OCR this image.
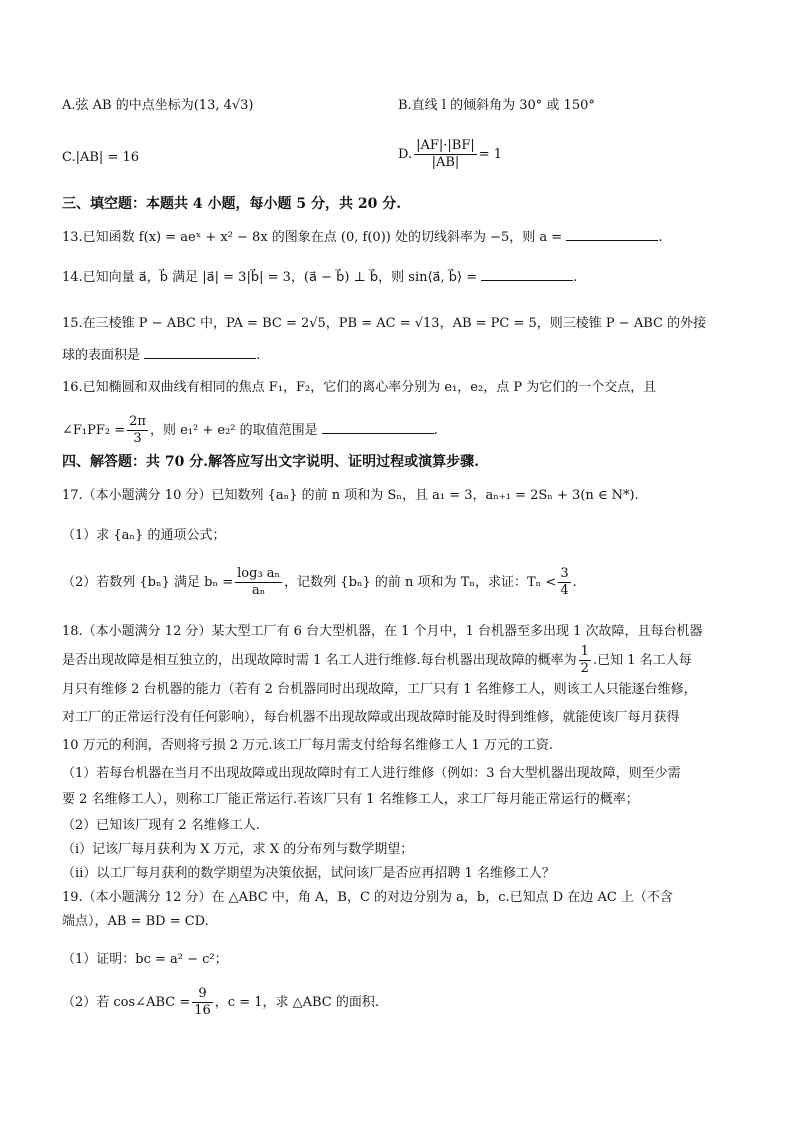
A.弦 AB 的中点坐标为(13, 4√3)	B.直线 l 的倾斜角为 30° 或 150°
C.|AB| = 16	D. $\frac{|AF|\cdot|BF|}{|AB|} = 1$
三、填空题：本题共 4 小题，每小题 5 分，共 20 分.
13.已知函数 f(x) = aeˣ + x² − 8x 的图象在点 (0, f(0)) 处的切线斜率为 −5，则 a =	.
14.已知向量 a⃗，b⃗ 满足 |a⃗| = 3|b⃗| = 3，(a⃗ − b⃗) ⊥ b⃗，则 sin⟨a⃗, b⃗⟩ =	.
15.在三棱锥 P − ABC 中，PA = BC = 2√5，PB = AC = √13，AB = PC = 5，则三棱锥 P − ABC 的外接
球的表面积是	.
16.已知椭圆和双曲线有相同的焦点 F₁，F₂，它们的离心率分别为 e₁，e₂，点 P 为它们的一个交点，且
∠F₁PF₂ = $\frac{2\pi}{3}$ ，则 e₁² + e₂² 的取值范围是	.
四、解答题：共 70 分.解答应写出文字说明、证明过程或演算步骤.
17.（本小题满分 10 分）已知数列 {aₙ} 的前 n 项和为 Sₙ，且 a₁ = 3，aₙ₊₁ = 2Sₙ + 3(n ∈ N*).
（1）求 {aₙ} 的通项公式；
（2）若数列 {bₙ} 满足 $b_n = \frac{\text{log₃ aₙ}}{\text{aₙ}}$ ，记数列 {bₙ} 的前 n 项和为 Tₙ，求证：$T_n < \frac{3}{4}$ .
18.（本小题满分 12 分）某大型工厂有 6 台大型机器，在 1 个月中，1 台机器至多出现 1 次故障，且每台机器
是否出现故障是相互独立的，出现故障时需 1 名工人进行维修.每台机器出现故障的概率为 $\frac{1}{2}$ .已知 1 名工人每
月只有维修 2 台机器的能力（若有 2 台机器同时出现故障，工厂只有 1 名维修工人，则该工人只能逐台维修，
对工厂的正常运行没有任何影响），每台机器不出现故障或出现故障时能及时得到维修，就能使该厂每月获得
10 万元的利润，否则将亏损 2 万元.该工厂每月需支付给每名维修工人 1 万元的工资.
（1）若每台机器在当月不出现故障或出现故障时有工人进行维修（例如：3 台大型机器出现故障，则至少需
要 2 名维修工人），则称工厂能正常运行.若该厂只有 1 名维修工人，求工厂每月能正常运行的概率；
（2）已知该厂现有 2 名维修工人.
（ⅰ）记该厂每月获利为 X 万元，求 X 的分布列与数学期望；
（ⅱ）以工厂每月获利的数学期望为决策依据，试问该厂是否应再招聘 1 名维修工人？
19.（本小题满分 12 分）在 △ABC 中，角 A，B，C 的对边分别为 a，b，c.已知点 D 在边 AC 上（不含
端点），AB = BD = CD.
（1）证明：bc = a² − c²；
（2）若 cos∠ABC = $\frac{9}{16}$ ，c = 1，求 △ABC 的面积.
